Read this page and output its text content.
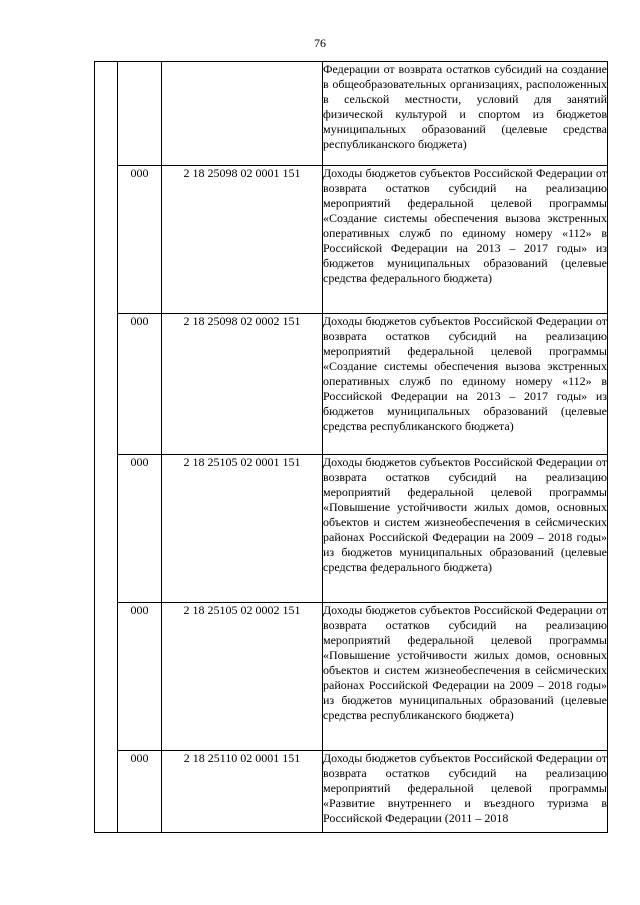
76
			Федерации от возврата остатков субсидий на создание в общеобразовательных организациях, расположенных в сельской местности, условий для занятий физической культурой и спортом из бюджетов муниципальных образований (целевые средства республиканского бюджета)
	000	2 18 25098 02 0001 151	Доходы бюджетов субъектов Российской Федерации от возврата остатков субсидий на реализацию мероприятий федеральной целевой программы «Создание системы обеспечения вызова экстренных оперативных служб по единому номеру «112» в Российской Федерации на 2013 – 2017 годы» из бюджетов муниципальных образований (целевые средства федерального бюджета)
	000	2 18 25098 02 0002 151	Доходы бюджетов субъектов Российской Федерации от возврата остатков субсидий на реализацию мероприятий федеральной целевой программы «Создание системы обеспечения вызова экстренных оперативных служб по единому номеру «112» в Российской Федерации на 2013 – 2017 годы» из бюджетов муниципальных образований (целевые средства республиканского бюджета)
	000	2 18 25105 02 0001 151	Доходы бюджетов субъектов Российской Федерации от возврата остатков субсидий на реализацию мероприятий федеральной целевой программы «Повышение устойчивости жилых домов, основных объектов и систем жизнеобеспечения в сейсмических районах Российской Федерации на 2009 – 2018 годы» из бюджетов муниципальных образований (целевые средства федерального бюджета)
	000	2 18 25105 02 0002 151	Доходы бюджетов субъектов Российской Федерации от возврата остатков субсидий на реализацию мероприятий федеральной целевой программы «Повышение устойчивости жилых домов, основных объектов и систем жизнеобеспечения в сейсмических районах Российской Федерации на 2009 – 2018 годы» из бюджетов муниципальных образований (целевые средства республиканского бюджета)
	000	2 18 25110 02 0001 151	Доходы бюджетов субъектов Российской Федерации от возврата остатков субсидий на реализацию мероприятий федеральной целевой программы «Развитие внутреннего и въездного туризма в Российской Федерации (2011 – 2018
